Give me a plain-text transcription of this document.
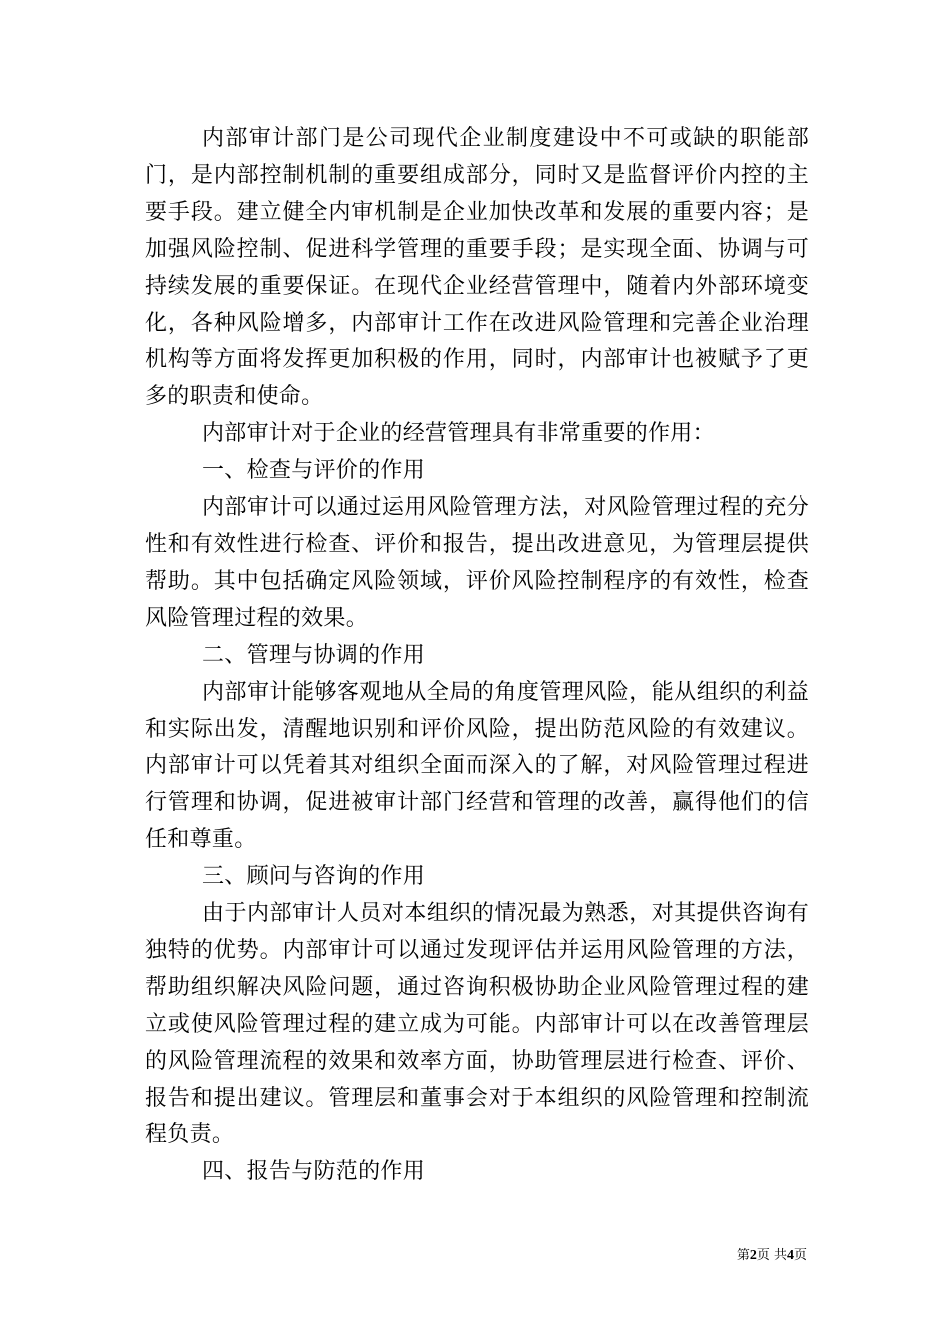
内部审计部门是公司现代企业制度建设中不可或缺的职能部门，是内部控制机制的重要组成部分，同时又是监督评价内控的主要手段。建立健全内审机制是企业加快改革和发展的重要内容；是加强风险控制、促进科学管理的重要手段；是实现全面、协调与可持续发展的重要保证。在现代企业经营管理中，随着内外部环境变化，各种风险增多，内部审计工作在改进风险管理和完善企业治理机构等方面将发挥更加积极的作用，同时，内部审计也被赋予了更多的职责和使命。

内部审计对于企业的经营管理具有非常重要的作用：

一、检查与评价的作用

内部审计可以通过运用风险管理方法，对风险管理过程的充分性和有效性进行检查、评价和报告，提出改进意见，为管理层提供帮助。其中包括确定风险领域，评价风险控制程序的有效性，检查风险管理过程的效果。

二、管理与协调的作用

内部审计能够客观地从全局的角度管理风险，能从组织的利益和实际出发，清醒地识别和评价风险，提出防范风险的有效建议。内部审计可以凭着其对组织全面而深入的了解，对风险管理过程进行管理和协调，促进被审计部门经营和管理的改善，赢得他们的信任和尊重。

三、顾问与咨询的作用

由于内部审计人员对本组织的情况最为熟悉，对其提供咨询有独特的优势。内部审计可以通过发现评估并运用风险管理的方法，帮助组织解决风险问题，通过咨询积极协助企业风险管理过程的建立或使风险管理过程的建立成为可能。内部审计可以在改善管理层的风险管理流程的效果和效率方面，协助管理层进行检查、评价、报告和提出建议。管理层和董事会对于本组织的风险管理和控制流程负责。

四、报告与防范的作用

第2页 共4页
